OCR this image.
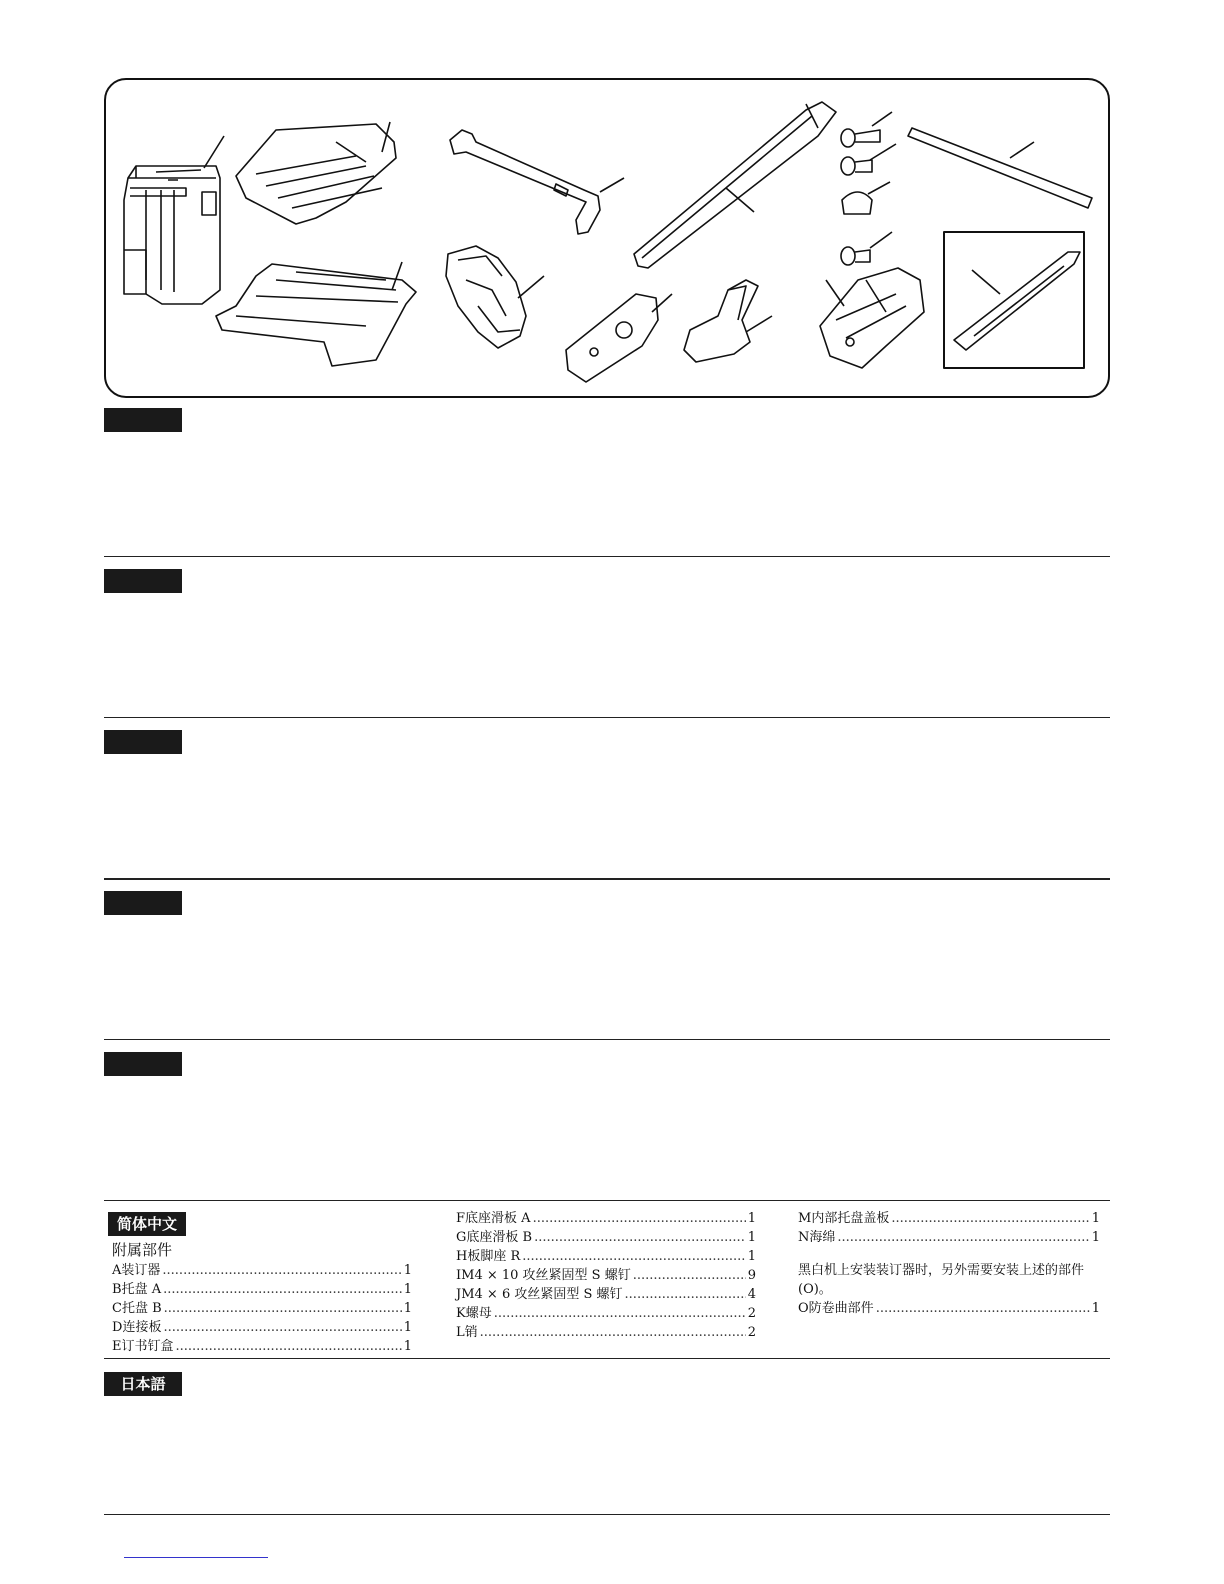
简体中文
附属部件
A 装订器 .....	1
B 托盘 A .....	1
C 托盘 B .....	1
D 连接板 .....	1
E 订书钉盒 .....	1
F 底座滑板 A .....	1
G 底座滑板 B .....	1
H 板脚座 R .....	1
I M4 × 10 攻丝紧固型 S 螺钉 .....	9
J M4 × 6 攻丝紧固型 S 螺钉 .....	4
K 螺母 .....	2
L 销 .....	2
M 内部托盘盖板 .....	1
N 海绵 .....	1
黑白机上安装装订器时，另外需要安装上述的部件 (O)。
O 防卷曲部件 .....	1
日本語
